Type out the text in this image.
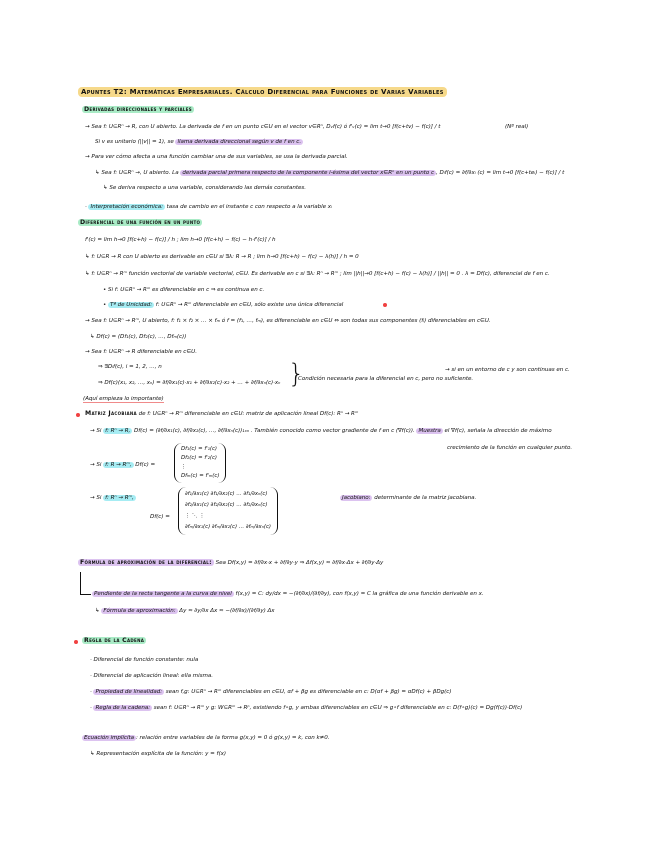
Apuntes T2: Matemáticas Empresariales. Cálculo Diferencial para Funciones de Varias Variables
Derivadas direccionales y parciales
→ Sea f: U⊆Rⁿ → R, con U abierto. La derivada de f en un punto c∈U en el vector v∈Rⁿ, Dᵥf(c) ó f'ᵥ(c) = lim t→0 [f(c+tv) − f(c)] / t	(Nº real)
Si v es unitario (||v|| = 1), se llama derivada direccional según v de f en c.
→ Para ver cómo afecta a una función cambiar una de sus variables, se usa la derivada parcial.
↳ Sea f: U⊆Rⁿ →, U abierto. La derivada parcial primera respecto de la componente i-ésima del vector x∈Rⁿ en un punto c , Dᵢf(c) = ∂f/∂xᵢ (c) = lim t→0 [f(c+teᵢ) − f(c)] / t
↳ Se deriva respecto a una variable, considerando las demás constantes.
· Interpretación económica: tasa de cambio en el instante c con respecto a la variable xᵢ
Diferencial de una función en un punto
f'(c) = lim h→0 [f(c+h) − f(c)] / h ; lim h→0 [f(c+h) − f(c) − h·f'(c)] / h
↳ f: U⊆R → R con U abierto es derivable en c∈U si ∃λ: R → R ; lim h→0 [f(c+h) − f(c) − λ(h)] / h = 0
↳ f: U⊆Rⁿ → Rᵐ función vectorial de variable vectorial, c∈U. Es derivable en c si ∃λ: Rⁿ → Rᵐ ; lim ||h||→0 [f(c+h) − f(c) − λ(h)] / ||h|| = 0 . λ = Df(c), diferencial de f en c.
• Si f: U⊆Rⁿ → Rᵐ es diferenciable en c ⇒ es continua en c.
• Tª de Unicidad: f: U⊆Rⁿ → Rᵐ diferenciable en c∈U, sólo existe una única diferencial
→ Sea f: U⊆Rⁿ → Rᵐ, U abierto, f: f₁ × f₂ × … × fₘ ó f = (f₁, …, fₘ), es diferenciable en c∈U ⇔ son todas sus componentes (fᵢ) diferenciables en c∈U.
↳ Df(c) = (Df₁(c), Df₂(c), …, Dfₘ(c))
→ Sea f: U⊆Rⁿ → R diferenciable en c∈U.
⇒ ∃Dᵢf(c), i = 1, 2, …, n
⇒ Df(c)(x₁, x₂, …, xₙ) = ∂f/∂x₁(c)·x₁ + ∂f/∂x₂(c)·x₂ + … + ∂f/∂xₙ(c)·xₙ }
Condición necesaria para la diferencial en c, pero no suficiente.
→ si en un entorno de c y son continuas en c.
(Aquí empieza lo importante)
Matriz Jacobiana de f: U⊆Rⁿ → Rᵐ diferenciable en c∈U: matriz de aplicación lineal Df(c): Rⁿ → Rᵐ
→ Si f: Rⁿ → R, Df(c) = (∂f/∂x₁(c), ∂f/∂x₂(c), …, ∂f/∂xₙ(c))₁ₓₙ . También conocido como vector gradiente de f en c (∇f(c)). Muestra el ∇f(c), señala la dirección de máximo
crecimiento de la función en cualquier punto.
→ Si f: R → Rᵐ, Df(c) =
Df₁(c) = f'₁(c)
Df₂(c) = f'₂(c)
⋮
Dfₘ(c) = f'ₘ(c)
→ Si f: Rⁿ → Rᵐ,
Df(c) =
∂f₁/∂x₁(c) ∂f₁/∂x₂(c) … ∂f₁/∂xₙ(c)
∂f₂/∂x₁(c) ∂f₂/∂x₂(c) … ∂f₂/∂xₙ(c)
⋮ ⋱ ⋮
∂fₘ/∂x₁(c) ∂fₘ/∂x₂(c) … ∂fₘ/∂xₙ(c)
Jacobiano: determinante de la matriz jacobiana.
Fórmula de aproximación de la diferencial: Sea Df(x,y) = ∂f/∂x·x + ∂f/∂y·y ⇒ Δf(x,y) ≈ ∂f/∂x·Δx + ∂f/∂y·Δy
Pendiente de la recta tangente a la curva de nivel f(x,y) = C: dy/dx = −(∂f/∂x)/(∂f/∂y), con f(x,y) = C la gráfica de una función derivable en x.
↳ Fórmula de aproximación: Δy ≈ ∂y/∂x Δx ≈ −(∂f/∂x)/(∂f/∂y) Δx
Regla de la Cadena
· Diferencial de función constante: nula
· Diferencial de aplicación lineal: ella misma.
· Propiedad de linealidad: sean f,g: U⊆Rⁿ → Rᵐ diferenciables en c∈U, αf + βg es diferenciable en c: D(αf + βg) = αDf(c) + βDg(c)
· Regla de la cadena: sean f: U⊆Rⁿ → Rᵐ y g: W⊆Rᵐ → Rᵖ, existiendo f∘g, y ambas diferenciables en c∈U ⇒ g∘f diferenciable en c: D(f∘g)(c) = Dg(f(c))·Df(c)
Ecuación implícita : relación entre variables de la forma g(x,y) = 0 ó g(x,y) = k, con k≠0.
↳ Representación explícita de la función: y = f(x)
